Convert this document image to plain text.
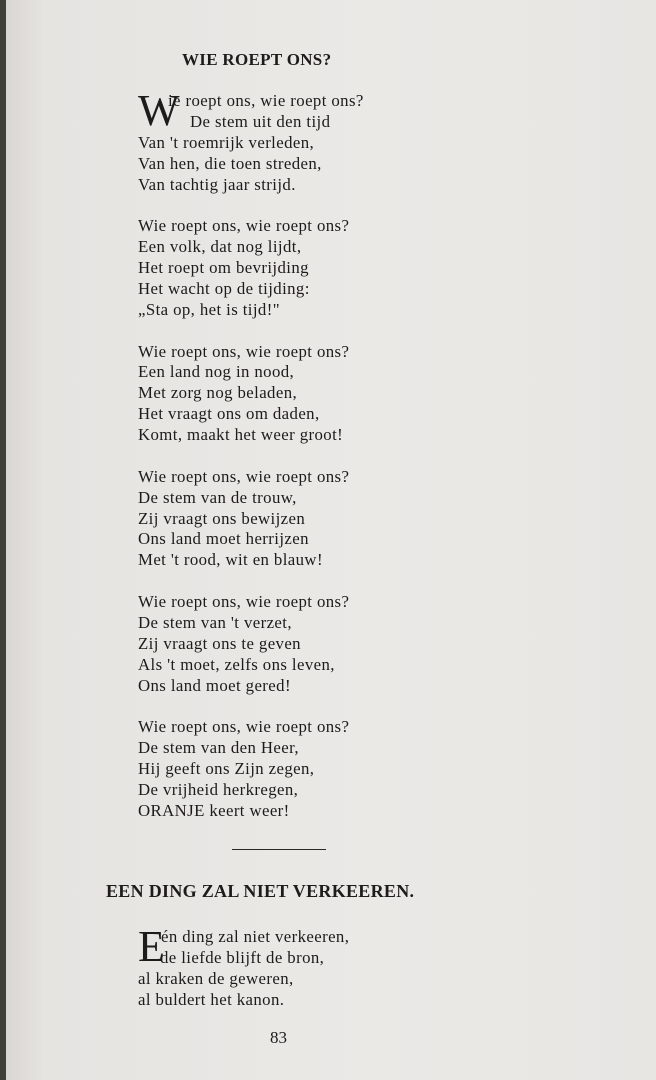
WIE ROEPT ONS?
W
ie roept ons, wie roept ons?
De stem uit den tijd
Van 't roemrijk verleden,
Van hen, die toen streden,
Van tachtig jaar strijd.
Wie roept ons, wie roept ons?
Een volk, dat nog lijdt,
Het roept om bevrijding
Het wacht op de tijding:
„Sta op, het is tijd!"
Wie roept ons, wie roept ons?
Een land nog in nood,
Met zorg nog beladen,
Het vraagt ons om daden,
Komt, maakt het weer groot!
Wie roept ons, wie roept ons?
De stem van de trouw,
Zij vraagt ons bewijzen
Ons land moet herrijzen
Met 't rood, wit en blauw!
Wie roept ons, wie roept ons?
De stem van 't verzet,
Zij vraagt ons te geven
Als 't moet, zelfs ons leven,
Ons land moet gered!
Wie roept ons, wie roept ons?
De stem van den Heer,
Hij geeft ons Zijn zegen,
De vrijheid herkregen,
ORANJE keert weer!
EEN DING ZAL NIET VERKEEREN.
E
én ding zal niet verkeeren,
de liefde blijft de bron,
al kraken de geweren,
al buldert het kanon.
83
